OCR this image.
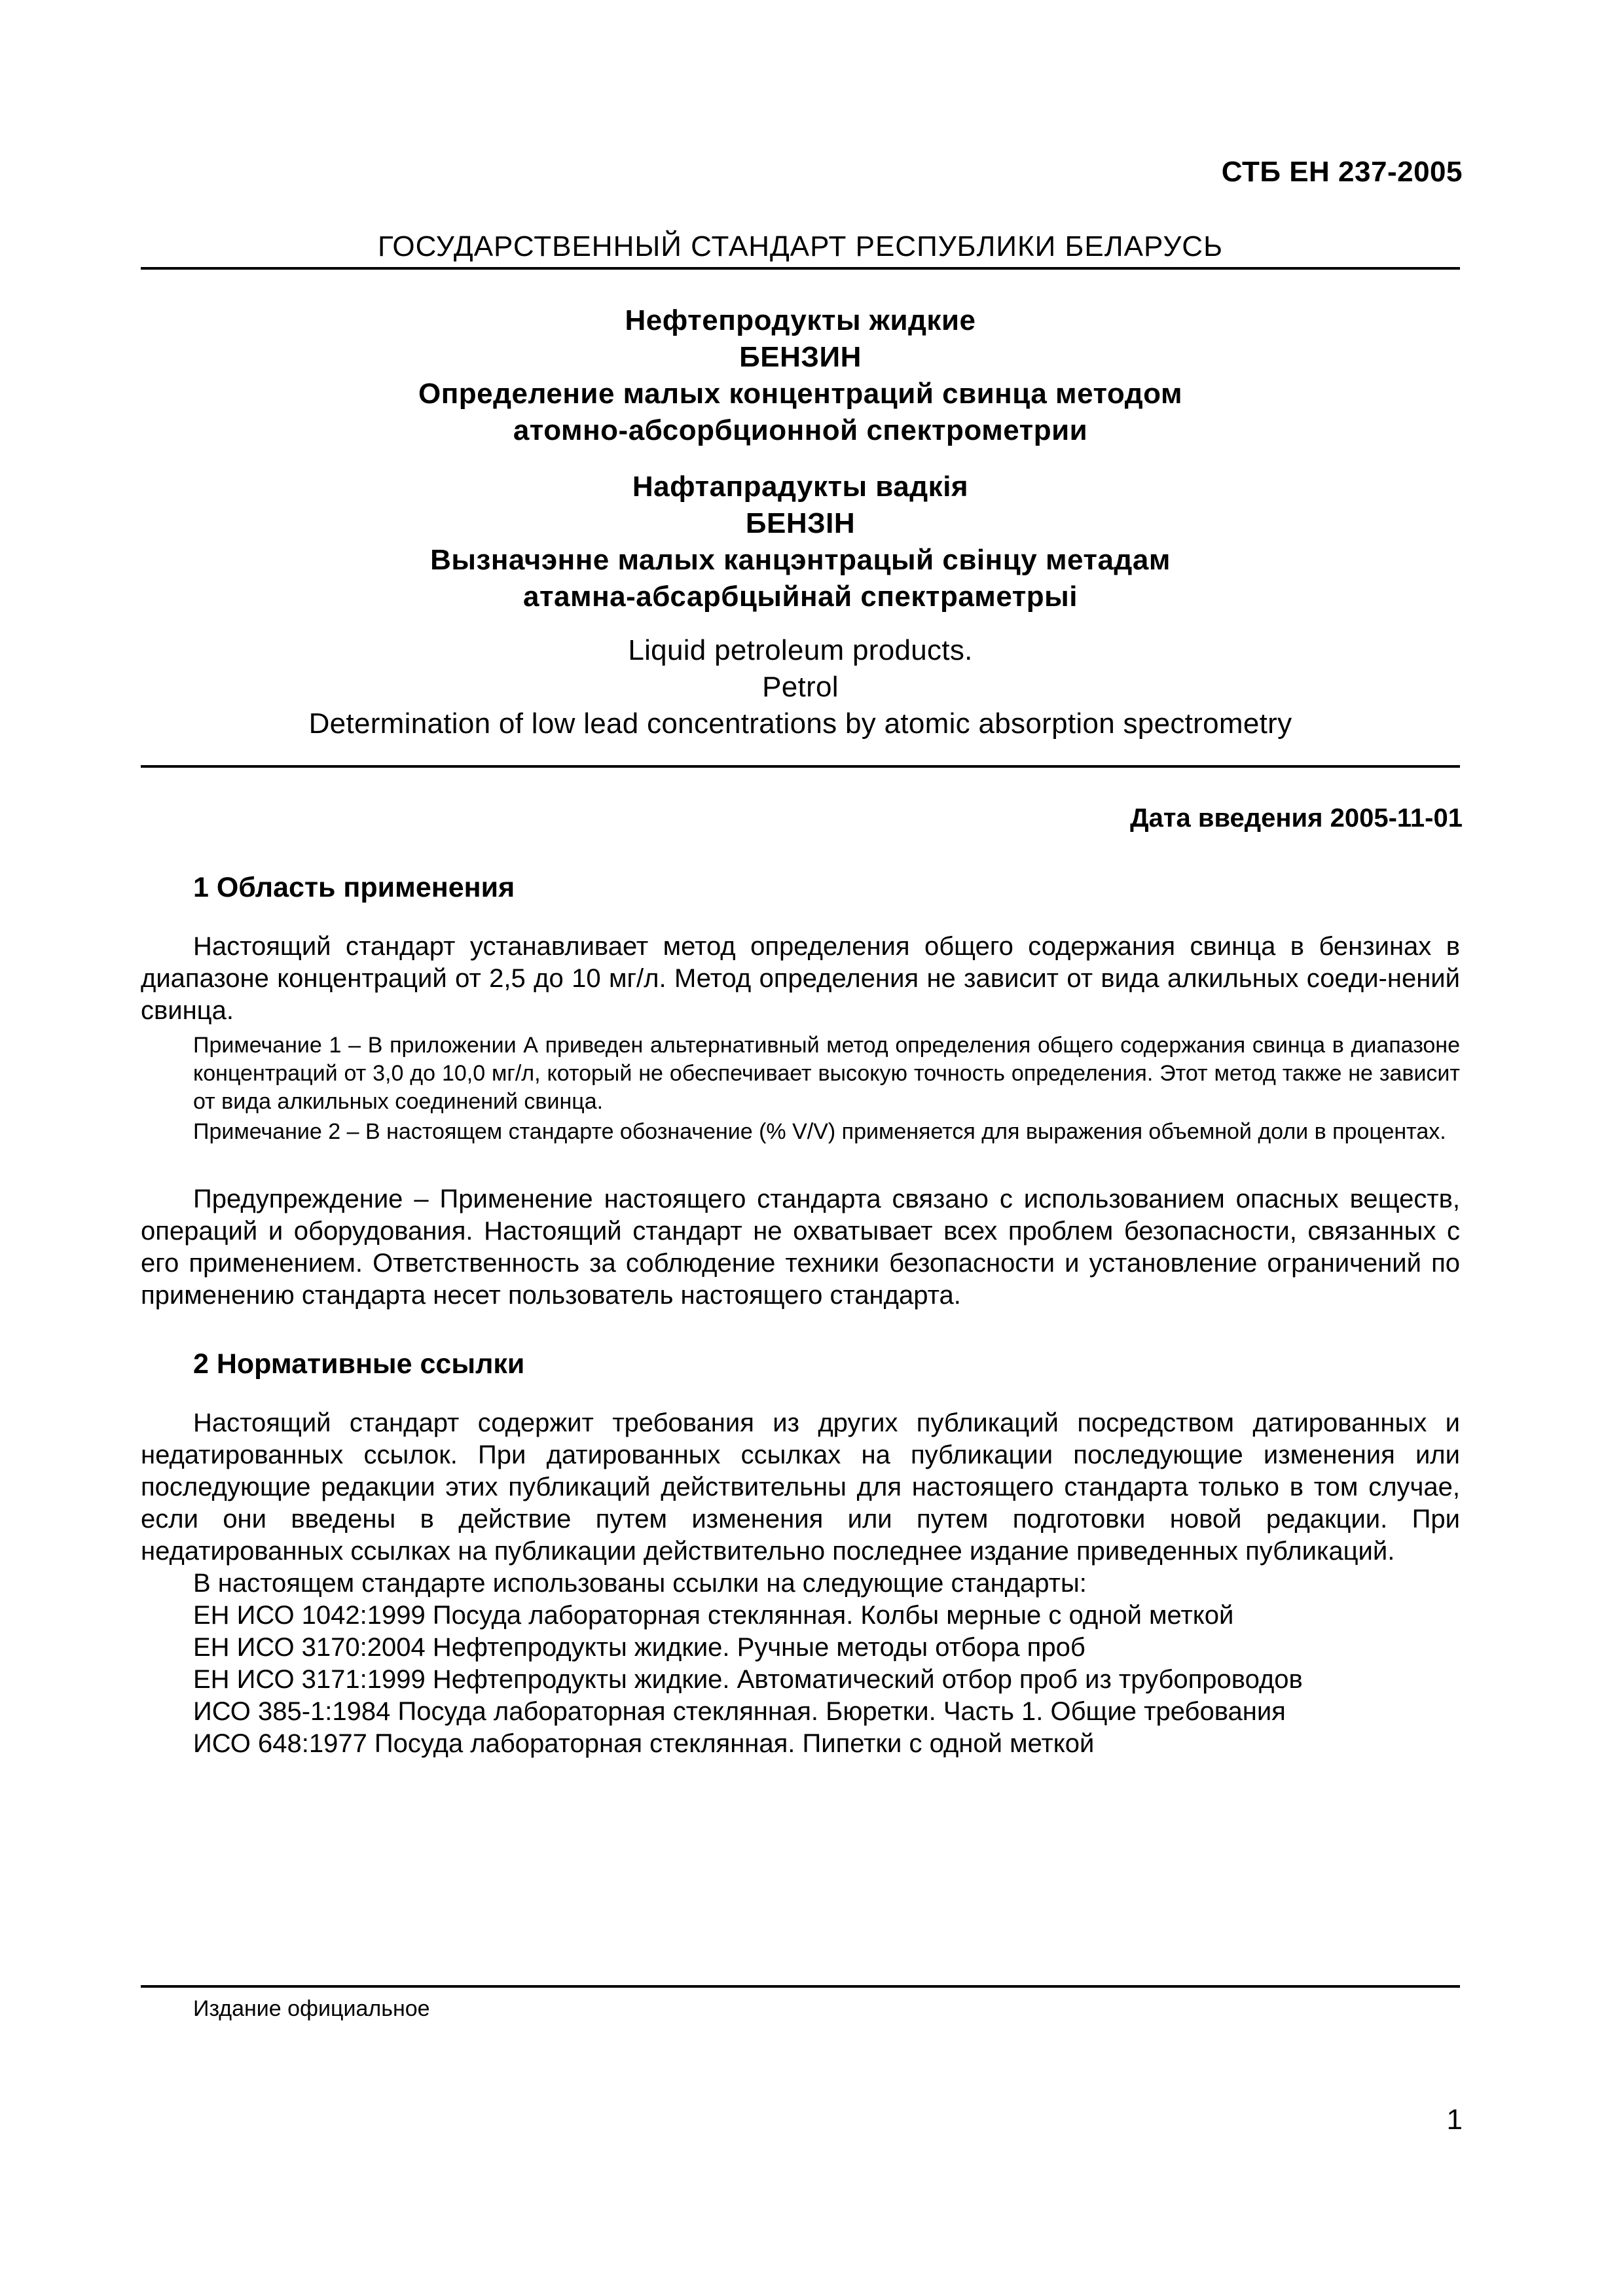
СТБ ЕН 237-2005
ГОСУДАРСТВЕННЫЙ СТАНДАРТ РЕСПУБЛИКИ БЕЛАРУСЬ
Нефтепродукты жидкие
БЕНЗИН
Определение малых концентраций свинца методом
атомно-абсорбционной спектрометрии
Нафтапрадукты вадкія
БЕНЗІН
Вызначэнне малых канцэнтрацый свінцу метадам
атамна-абсарбцыйнай спектраметрыі
Liquid petroleum products.
Petrol
Determination of low lead concentrations by atomic absorption spectrometry
Дата введения 2005-11-01
1 Область применения
Настоящий стандарт устанавливает метод определения общего содержания свинца в бензинах в диапазоне концентраций от 2,5 до 10 мг/л. Метод определения не зависит от вида алкильных соеди-нений свинца.
Примечание 1 – В приложении А приведен альтернативный метод определения общего содержания свинца в диапазоне концентраций от 3,0 до 10,0 мг/л, который не обеспечивает высокую точность определения. Этот метод также не зависит от вида алкильных соединений свинца.
Примечание 2 – В настоящем стандарте обозначение (% V/V) применяется для выражения объемной доли в процентах.
Предупреждение – Применение настоящего стандарта связано с использованием опасных веществ, операций и оборудования. Настоящий стандарт не охватывает всех проблем безопасности, связанных с его применением. Ответственность за соблюдение техники безопасности и установление ограничений по применению стандарта несет пользователь настоящего стандарта.
2 Нормативные ссылки
Настоящий стандарт содержит требования из других публикаций посредством датированных и недатированных ссылок. При датированных ссылках на публикации последующие изменения или последующие редакции этих публикаций действительны для настоящего стандарта только в том случае, если они введены в действие путем изменения или путем подготовки новой редакции. При недатированных ссылках на публикации действительно последнее издание приведенных публикаций.
В настоящем стандарте использованы ссылки на следующие стандарты:
ЕН ИСО 1042:1999 Посуда лабораторная стеклянная. Колбы мерные с одной меткой
ЕН ИСО 3170:2004 Нефтепродукты жидкие. Ручные методы отбора проб
ЕН ИСО 3171:1999 Нефтепродукты жидкие. Автоматический отбор проб из трубопроводов
ИСО 385-1:1984 Посуда лабораторная стеклянная. Бюретки. Часть 1. Общие требования
ИСО 648:1977 Посуда лабораторная стеклянная. Пипетки с одной меткой
Издание официальное
1
